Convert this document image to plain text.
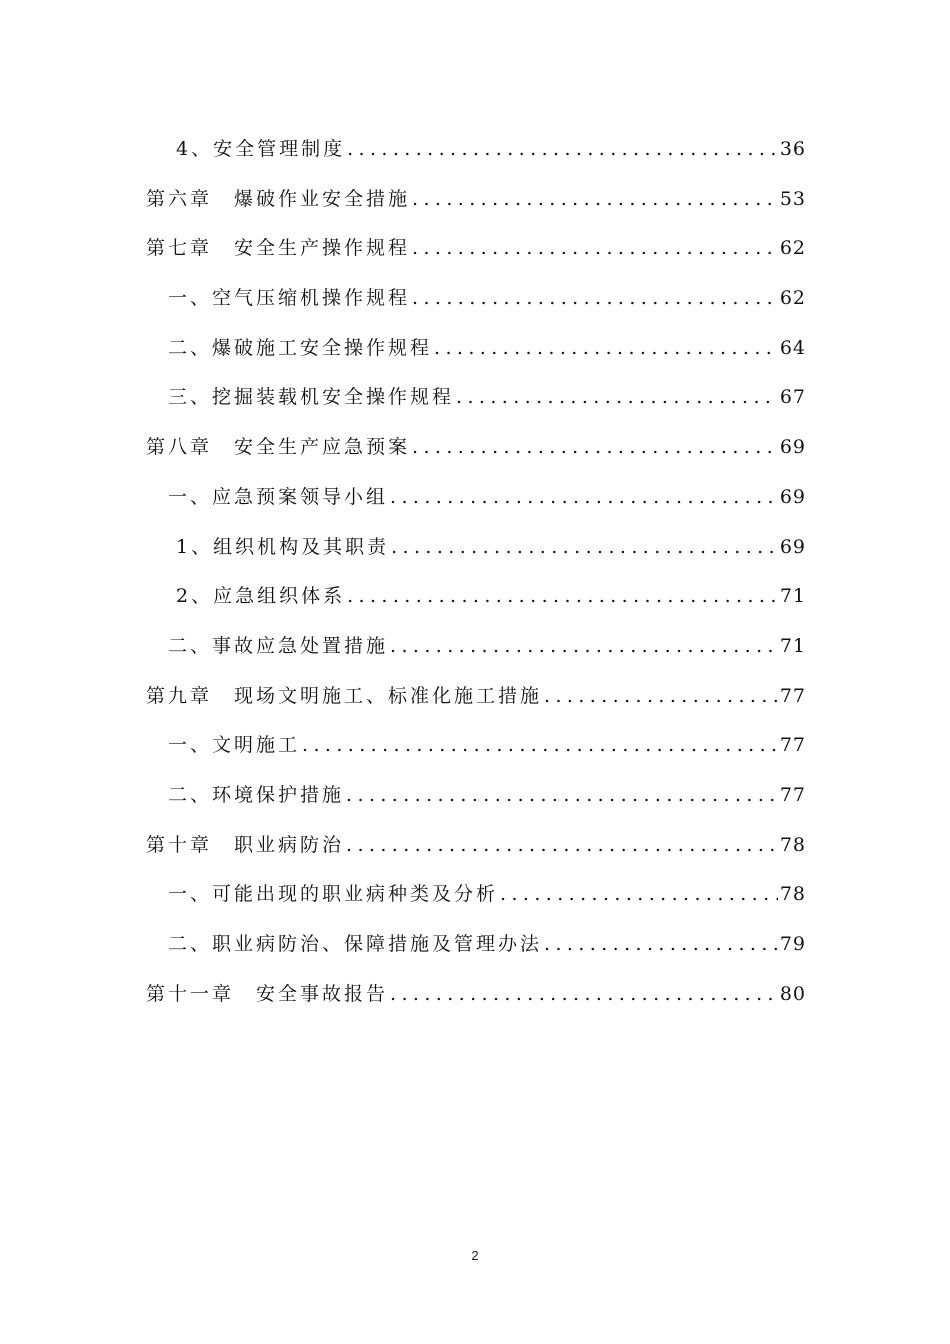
4、安全管理制度 .....	36
第六章　爆破作业安全措施 .....	53
第七章　安全生产操作规程 .....	62
一、空气压缩机操作规程 .....	62
二、爆破施工安全操作规程 .....	64
三、挖掘装载机安全操作规程 .....	67
第八章　安全生产应急预案 .....	69
一、应急预案领导小组 .....	69
1、组织机构及其职责 .....	69
2、应急组织体系 .....	71
二、事故应急处置措施 .....	71
第九章　现场文明施工、标准化施工措施 .....	77
一、文明施工 .....	77
二、环境保护措施 .....	77
第十章　职业病防治 .....	78
一、可能出现的职业病种类及分析 .....	78
二、职业病防治、保障措施及管理办法 .....	79
第十一章　安全事故报告 .....	80
2
